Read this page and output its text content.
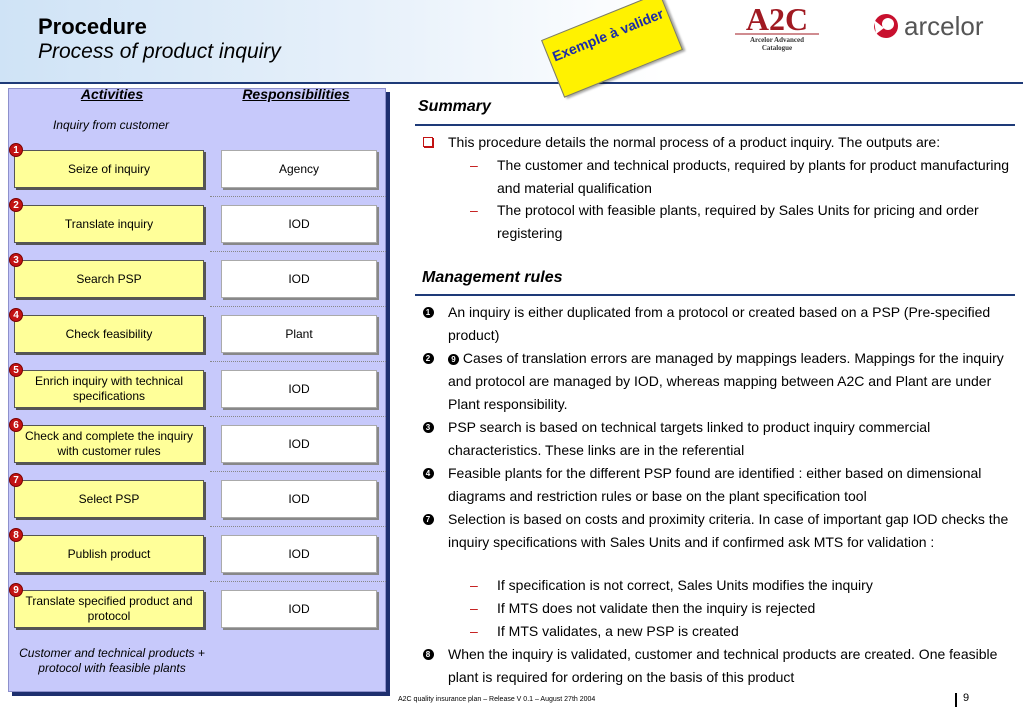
Procedure
Process of product inquiry	Exemple à valider	A2C
Arcelor Advanced
Catalogue
arcelor
Activities	Responsibilities
Inquiry from customer
Seize of inquiry	Agency
1
Translate inquiry	IOD
2
Search PSP	IOD
3
Check feasibility	Plant
4
Enrich inquiry with technical specifications	IOD
5
Check and complete the inquiry with customer rules	IOD
6
Select PSP	IOD
7
Publish product	IOD
8
Translate specified product and protocol	IOD
9
Customer and technical products + protocol with feasible plants
Summary
This procedure details the normal process of a product inquiry. The outputs are:
– The customer and technical products, required by plants for product manufacturing and material qualification
– The protocol with feasible plants, required by Sales Units for pricing and order registering
Management rules
1	An inquiry is either duplicated from a protocol or created based on a PSP (Pre-specified product)
2	9 Cases of translation errors are managed by mappings leaders. Mappings for the inquiry and protocol are managed by IOD, whereas mapping between A2C and Plant are under Plant responsibility.
3	PSP search is based on technical targets linked to product inquiry commercial characteristics. These links are in the referential
4	Feasible plants for the different PSP found are identified : either based on dimensional diagrams and restriction rules or base on the plant specification tool
7	Selection is based on costs and proximity criteria. In case of important gap IOD checks the inquiry specifications with Sales Units and if confirmed ask MTS for validation :
– If specification is not correct, Sales Units modifies the inquiry
– If MTS does not validate then the inquiry is rejected
– If MTS validates, a new PSP is created
8	When the inquiry is validated, customer and technical products are created. One feasible plant is required for ordering on the basis of this product
A2C quality insurance plan – Release V 0.1 – August 27th 2004	9
